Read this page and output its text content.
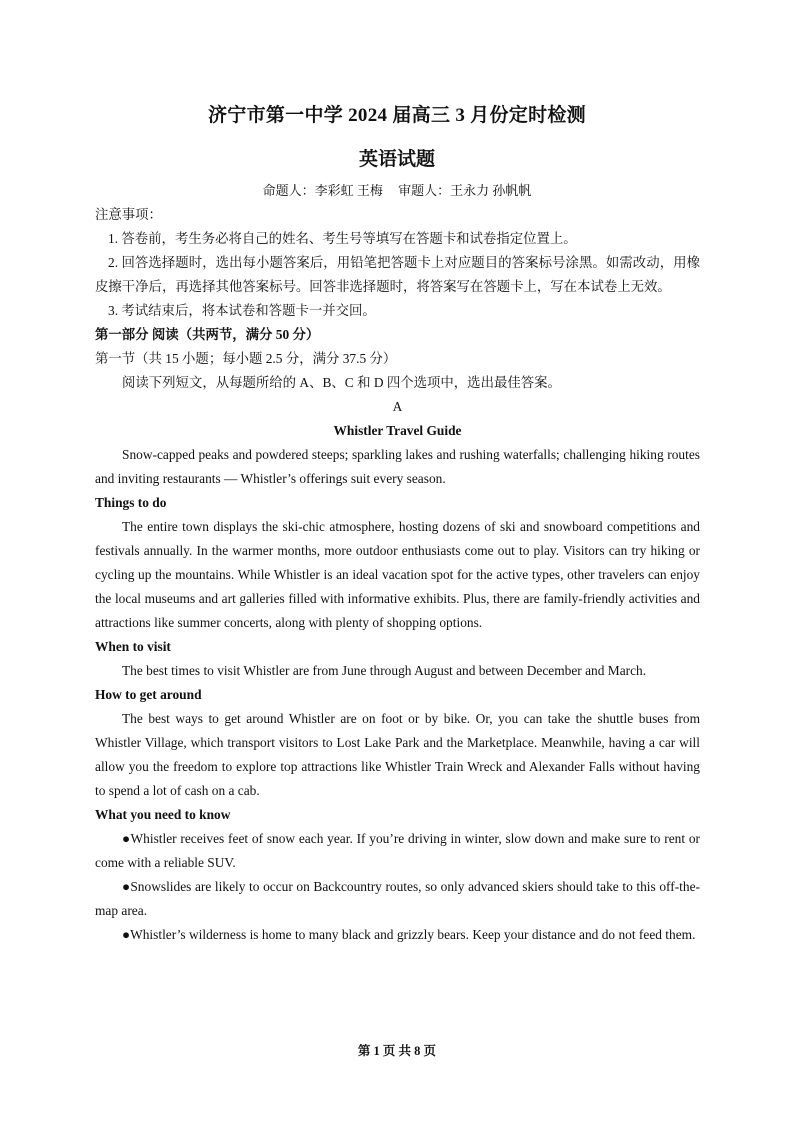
济宁市第一中学 2024 届高三 3 月份定时检测
英语试题
命题人：李彩虹 王梅 审题人：王永力 孙帆帆

注意事项：

1. 答卷前，考生务必将自己的姓名、考生号等填写在答题卡和试卷指定位置上。

2. 回答选择题时，选出每小题答案后，用铅笔把答题卡上对应题目的答案标号涂黑。如需改动，用橡皮擦干净后，再选择其他答案标号。回答非选择题时，将答案写在答题卡上，写在本试卷上无效。

3. 考试结束后，将本试卷和答题卡一并交回。

第一部分 阅读（共两节，满分 50 分）

第一节（共 15 小题；每小题 2.5 分，满分 37.5 分）

阅读下列短文，从每题所给的 A、B、C 和 D 四个选项中，选出最佳答案。

A

Whistler Travel Guide

Snow-capped peaks and powdered steeps; sparkling lakes and rushing waterfalls; challenging hiking routes and inviting restaurants — Whistler’s offerings suit every season.

Things to do

The entire town displays the ski-chic atmosphere, hosting dozens of ski and snowboard competitions and festivals annually. In the warmer months, more outdoor enthusiasts come out to play. Visitors can try hiking or cycling up the mountains. While Whistler is an ideal vacation spot for the active types, other travelers can enjoy the local museums and art galleries filled with informative exhibits. Plus, there are family-friendly activities and attractions like summer concerts, along with plenty of shopping options.

When to visit

The best times to visit Whistler are from June through August and between December and March.

How to get around

The best ways to get around Whistler are on foot or by bike. Or, you can take the shuttle buses from Whistler Village, which transport visitors to Lost Lake Park and the Marketplace. Meanwhile, having a car will allow you the freedom to explore top attractions like Whistler Train Wreck and Alexander Falls without having to spend a lot of cash on a cab.

What you need to know

●Whistler receives feet of snow each year. If you’re driving in winter, slow down and make sure to rent or come with a reliable SUV.

●Snowslides are likely to occur on Backcountry routes, so only advanced skiers should take to this off-the-map area.

●Whistler’s wilderness is home to many black and grizzly bears. Keep your distance and do not feed them.

第 1 页 共 8 页
